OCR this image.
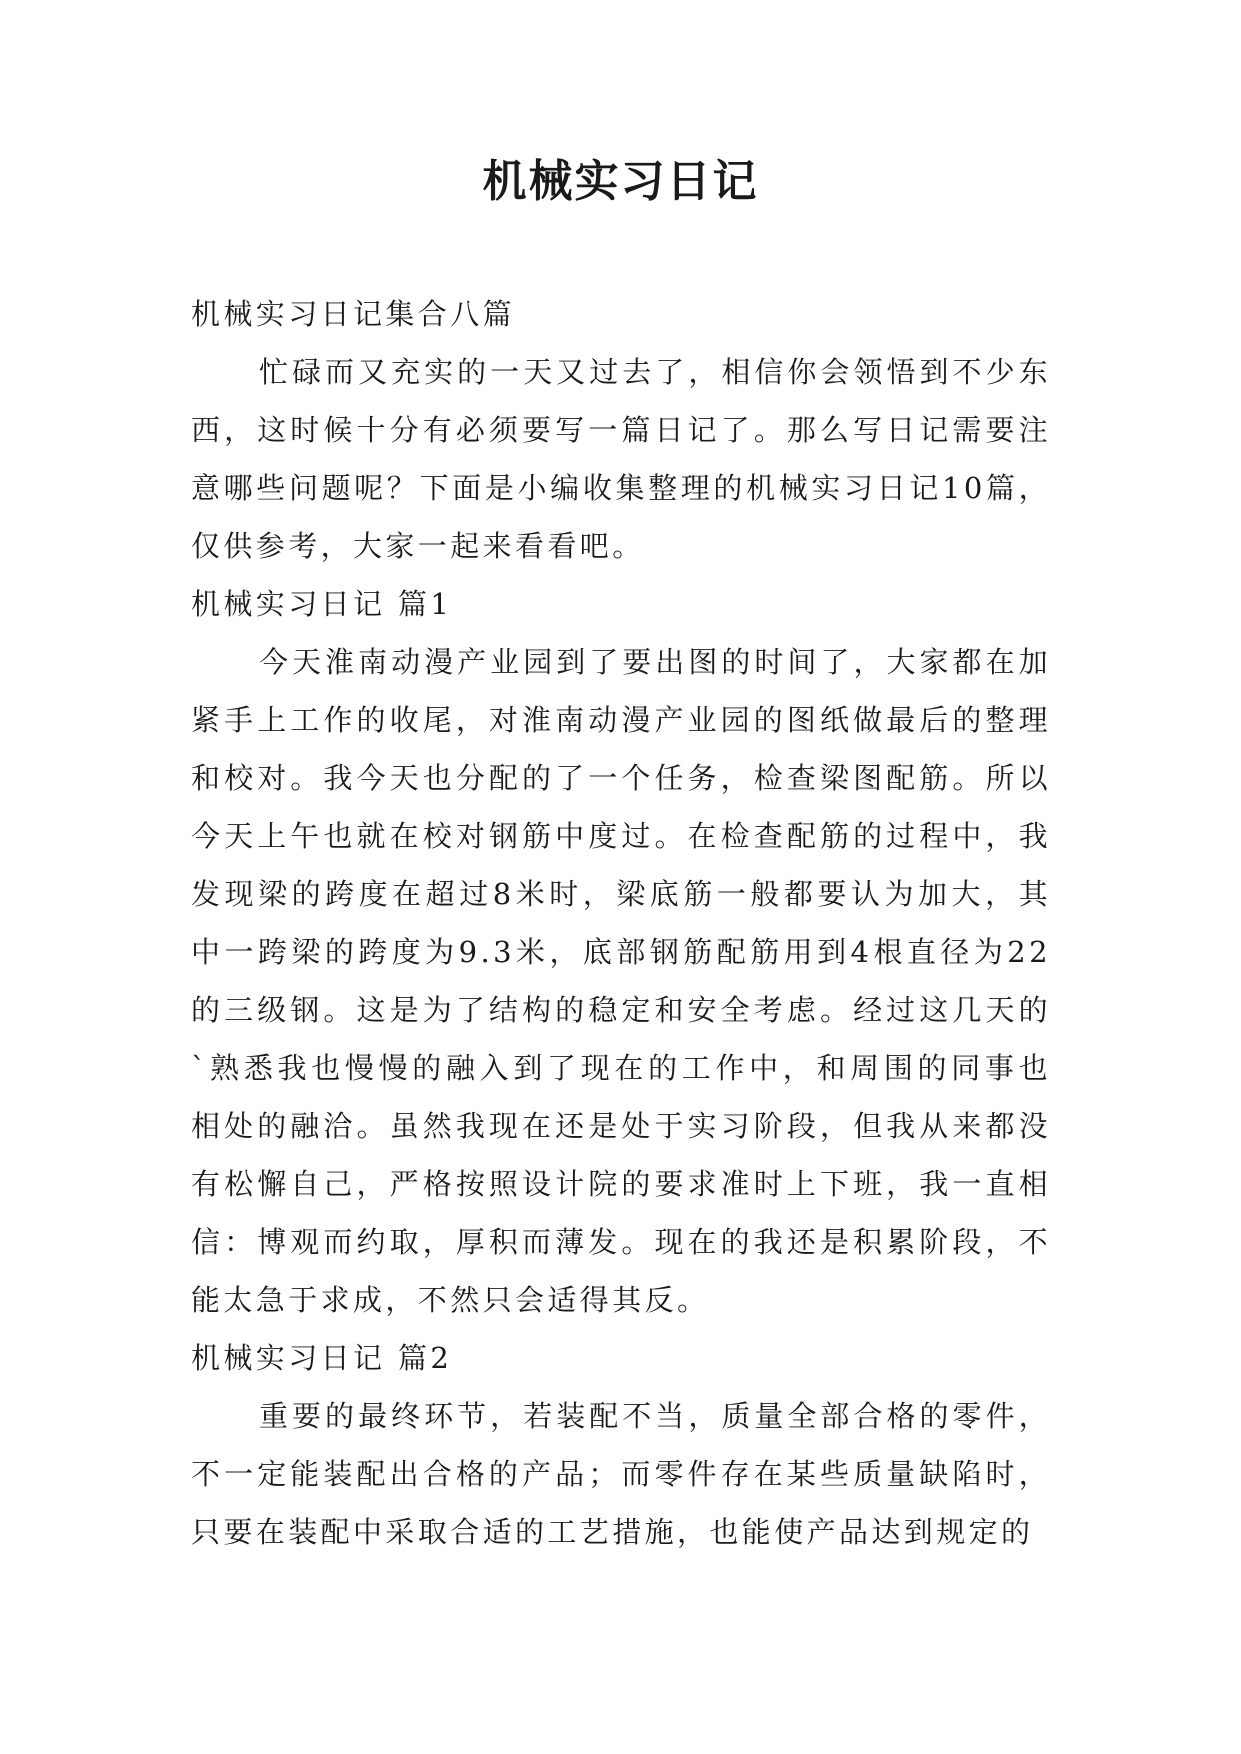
机械实习日记

机械实习日记集合八篇

忙碌而又充实的一天又过去了，相信你会领悟到不少东西，这时候十分有必须要写一篇日记了。那么写日记需要注意哪些问题呢？下面是小编收集整理的机械实习日记10篇，仅供参考，大家一起来看看吧。

机械实习日记 篇1

今天淮南动漫产业园到了要出图的时间了，大家都在加紧手上工作的收尾，对淮南动漫产业园的图纸做最后的整理和校对。我今天也分配的了一个任务，检查梁图配筋。所以今天上午也就在校对钢筋中度过。在检查配筋的过程中，我发现梁的跨度在超过8米时，梁底筋一般都要认为加大，其中一跨梁的跨度为9.3米，底部钢筋配筋用到4根直径为22的三级钢。这是为了结构的稳定和安全考虑。经过这几天的`熟悉我也慢慢的融入到了现在的工作中，和周围的同事也相处的融洽。虽然我现在还是处于实习阶段，但我从来都没有松懈自己，严格按照设计院的要求准时上下班，我一直相信：博观而约取，厚积而薄发。现在的我还是积累阶段，不能太急于求成，不然只会适得其反。

机械实习日记 篇2

重要的最终环节，若装配不当，质量全部合格的零件，不一定能装配出合格的产品；而零件存在某些质量缺陷时，只要在装配中采取合适的工艺措施，也能使产品达到规定的
